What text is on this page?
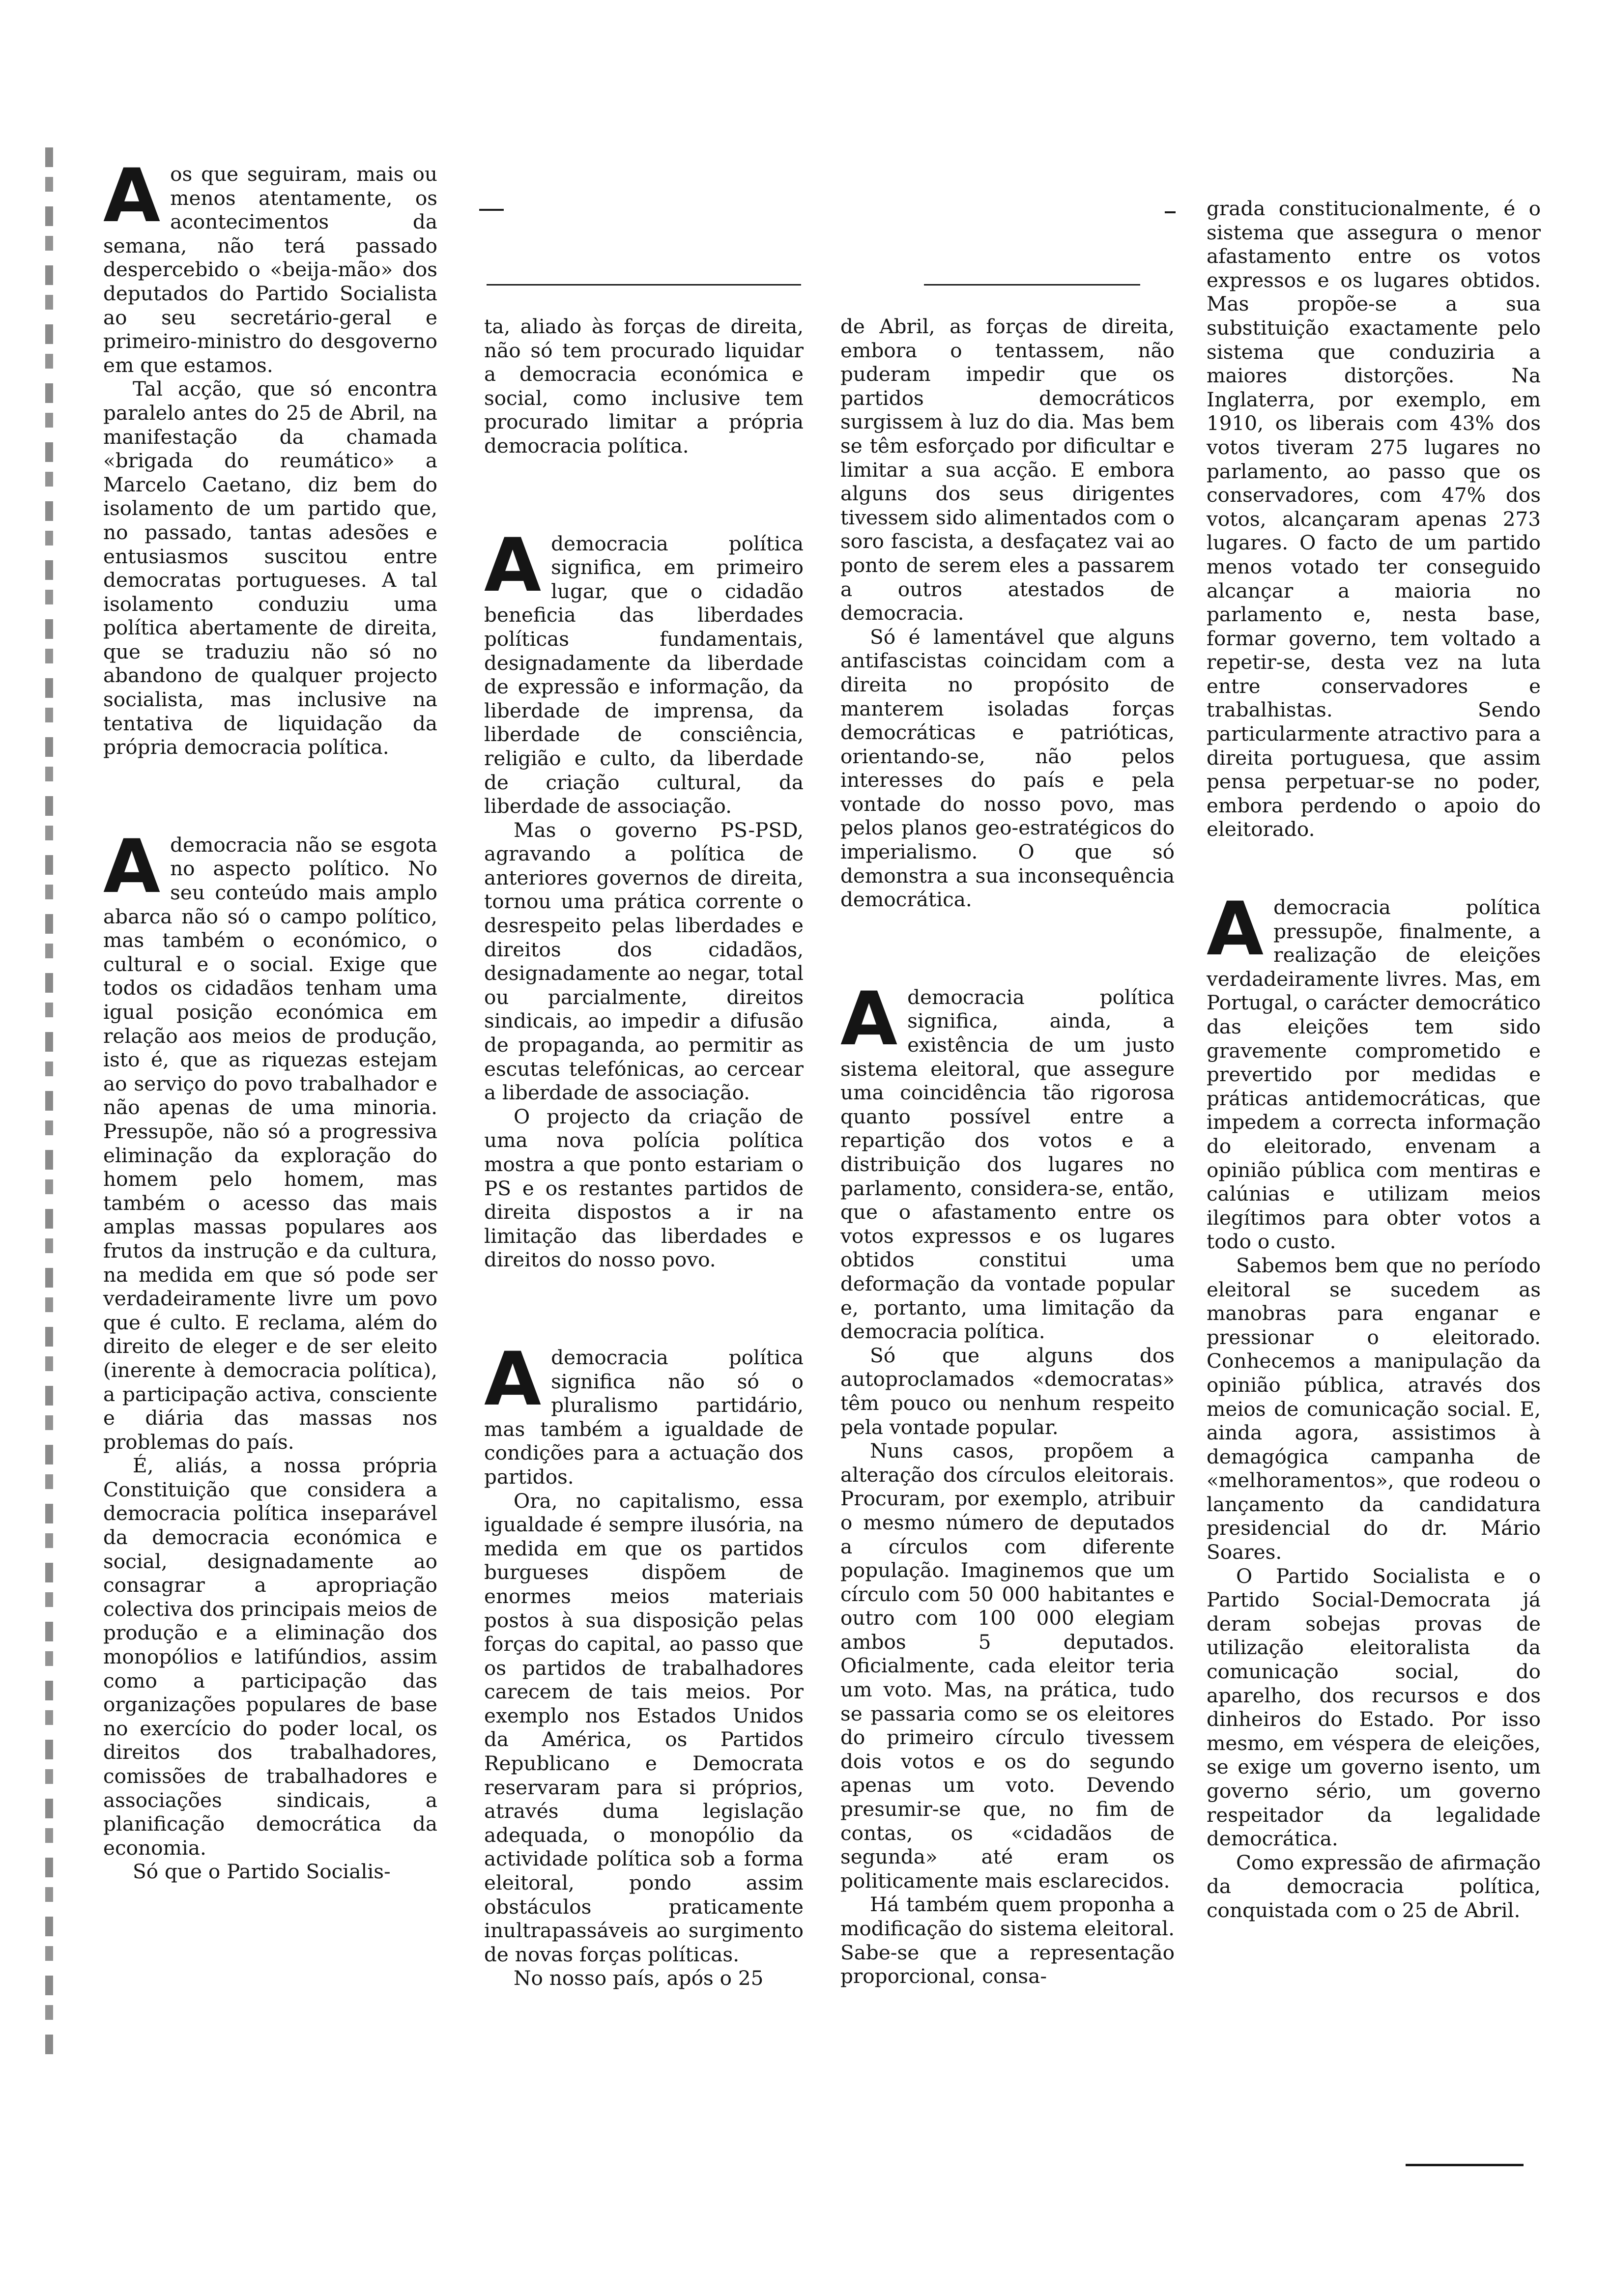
A os que seguiram, mais ou menos atentamente, os acontecimentos da semana, não terá passado despercebido o «beija-mão» dos deputados do Partido Socialista ao seu secretário-geral e primeiro-ministro do desgoverno em que estamos.

Tal acção, que só encontra paralelo antes do 25 de Abril, na manifestação da chamada «brigada do reumático» a Marcelo Caetano, diz bem do isolamento de um partido que, no passado, tantas adesões e entusiasmos suscitou entre democratas portugueses. A tal isolamento conduziu uma política abertamente de direita, que se traduziu não só no abandono de qualquer projecto socialista, mas inclusive na tentativa de liquidação da própria democracia política.

A democracia não se esgota no aspecto político. No seu conteúdo mais amplo abarca não só o campo político, mas também o económico, o cultural e o social. Exige que todos os cidadãos tenham uma igual posição económica em relação aos meios de produção, isto é, que as riquezas estejam ao serviço do povo trabalhador e não apenas de uma minoria. Pressupõe, não só a progressiva eliminação da exploração do homem pelo homem, mas também o acesso das mais amplas massas populares aos frutos da instrução e da cultura, na medida em que só pode ser verdadeiramente livre um povo que é culto. E reclama, além do direito de eleger e de ser eleito (inerente à democracia política), a participação activa, consciente e diária das massas nos problemas do país.

É, aliás, a nossa própria Constituição que considera a democracia política inseparável da democracia económica e social, designadamente ao consagrar a apropriação colectiva dos principais meios de produção e a eliminação dos monopólios e latifúndios, assim como a participação das organizações populares de base no exercício do poder local, os direitos dos trabalhadores, comissões de trabalhadores e associações sindicais, a planificação democrática da economia.

Só que o Partido Socialis-

ta, aliado às forças de direita, não só tem procurado liquidar a democracia económica e social, como inclusive tem procurado limitar a própria democracia política.

A democracia política significa, em primeiro lugar, que o cidadão beneficia das liberdades políticas fundamentais, designadamente da liberdade de expressão e informação, da liberdade de imprensa, da liberdade de consciência, religião e culto, da liberdade de criação cultural, da liberdade de associação.

Mas o governo PS-PSD, agravando a política de anteriores governos de direita, tornou uma prática corrente o desrespeito pelas liberdades e direitos dos cidadãos, designadamente ao negar, total ou parcialmente, direitos sindicais, ao impedir a difusão de propaganda, ao permitir as escutas telefónicas, ao cercear a liberdade de associação.

O projecto da criação de uma nova polícia política mostra a que ponto estariam o PS e os restantes partidos de direita dispostos a ir na limitação das liberdades e direitos do nosso povo.

A democracia política significa não só o pluralismo partidário, mas também a igualdade de condições para a actuação dos partidos.

Ora, no capitalismo, essa igualdade é sempre ilusória, na medida em que os partidos burgueses dispõem de enormes meios materiais postos à sua disposição pelas forças do capital, ao passo que os partidos de trabalhadores carecem de tais meios. Por exemplo nos Estados Unidos da América, os Partidos Republicano e Democrata reservaram para si próprios, através duma legislação adequada, o monopólio da actividade política sob a forma eleitoral, pondo assim obstáculos praticamente inultrapassáveis ao surgimento de novas forças políticas.

No nosso país, após o 25

de Abril, as forças de direita, embora o tentassem, não puderam impedir que os partidos democráticos surgissem à luz do dia. Mas bem se têm esforçado por dificultar e limitar a sua acção. E embora alguns dos seus dirigentes tivessem sido alimentados com o soro fascista, a desfaçatez vai ao ponto de serem eles a passarem a outros atestados de democracia.

Só é lamentável que alguns antifascistas coincidam com a direita no propósito de manterem isoladas forças democráticas e patrióticas, orientando-se, não pelos interesses do país e pela vontade do nosso povo, mas pelos planos geo-estratégicos do imperialismo. O que só demonstra a sua inconsequência democrática.

A democracia política significa, ainda, a existência de um justo sistema eleitoral, que assegure uma coincidência tão rigorosa quanto possível entre a repartição dos votos e a distribuição dos lugares no parlamento, considera-se, então, que o afastamento entre os votos expressos e os lugares obtidos constitui uma deformação da vontade popular e, portanto, uma limitação da democracia política.

Só que alguns dos autoproclamados «democratas» têm pouco ou nenhum respeito pela vontade popular.

Nuns casos, propõem a alteração dos círculos eleitorais. Procuram, por exemplo, atribuir o mesmo número de deputados a círculos com diferente população. Imaginemos que um círculo com 50 000 habitantes e outro com 100 000 elegiam ambos 5 deputados. Oficialmente, cada eleitor teria um voto. Mas, na prática, tudo se passaria como se os eleitores do primeiro círculo tivessem dois votos e os do segundo apenas um voto. Devendo presumir-se que, no fim de contas, os «cidadãos de segunda» até eram os politicamente mais esclarecidos.

Há também quem proponha a modificação do sistema eleitoral. Sabe-se que a representação proporcional, consa-

grada constitucionalmente, é o sistema que assegura o menor afastamento entre os votos expressos e os lugares obtidos. Mas propõe-se a sua substituição exactamente pelo sistema que conduziria a maiores distorções. Na Inglaterra, por exemplo, em 1910, os liberais com 43% dos votos tiveram 275 lugares no parlamento, ao passo que os conservadores, com 47% dos votos, alcançaram apenas 273 lugares. O facto de um partido menos votado ter conseguido alcançar a maioria no parlamento e, nesta base, formar governo, tem voltado a repetir-se, desta vez na luta entre conservadores e trabalhistas. Sendo particularmente atractivo para a direita portuguesa, que assim pensa perpetuar-se no poder, embora perdendo o apoio do eleitorado.

A democracia política pressupõe, finalmente, a realização de eleições verdadeiramente livres. Mas, em Portugal, o carácter democrático das eleições tem sido gravemente comprometido e prevertido por medidas e práticas antidemocráticas, que impedem a correcta informação do eleitorado, envenam a opinião pública com mentiras e calúnias e utilizam meios ilegítimos para obter votos a todo o custo.

Sabemos bem que no período eleitoral se sucedem as manobras para enganar e pressionar o eleitorado. Conhecemos a manipulação da opinião pública, através dos meios de comunicação social. E, ainda agora, assistimos à demagógica campanha de «melhoramentos», que rodeou o lançamento da candidatura presidencial do dr. Mário Soares.

O Partido Socialista e o Partido Social-Democrata já deram sobejas provas de utilização eleitoralista da comunicação social, do aparelho, dos recursos e dos dinheiros do Estado. Por isso mesmo, em véspera de eleições, se exige um governo isento, um governo sério, um governo respeitador da legalidade democrática.

Como expressão de afirmação da democracia política, conquistada com o 25 de Abril.
